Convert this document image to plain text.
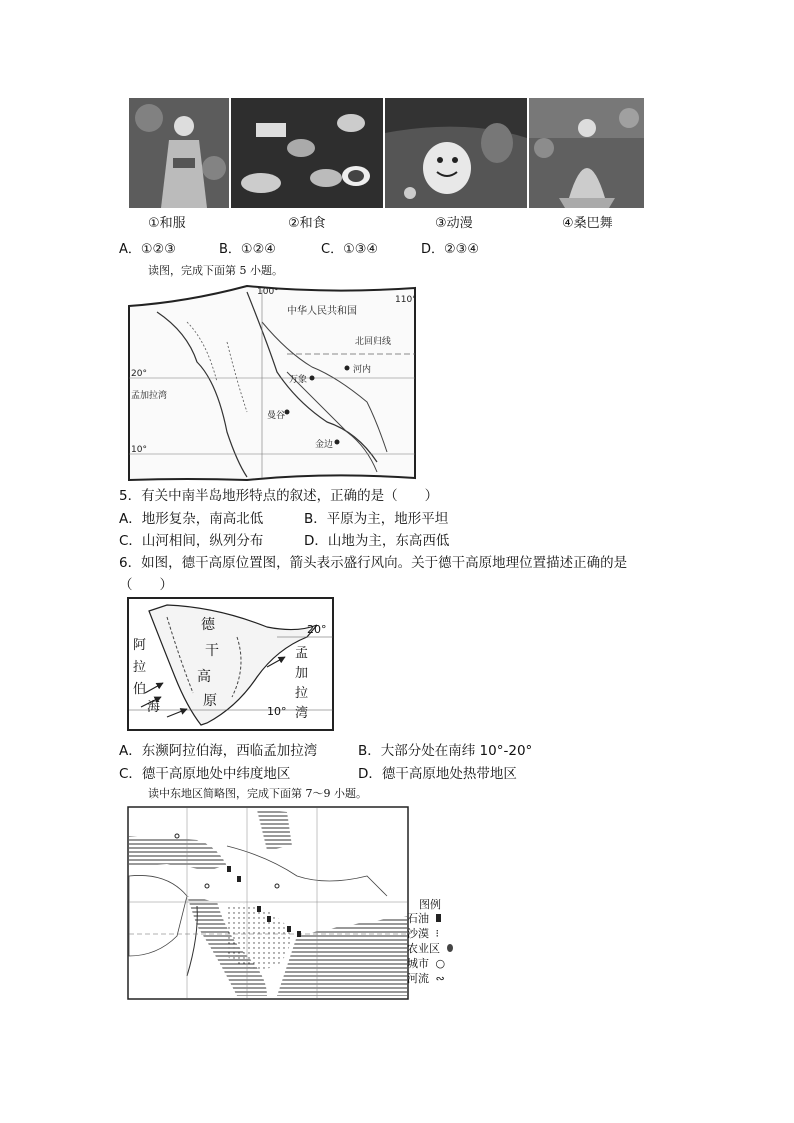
①和服	②和食	③动漫	④桑巴舞
A．①②③	B．①②④	C．①③④	D．②③④
读图，完成下面第 5 小题。
中华人民共和国
北回归线
河内
万象
曼谷
金边
孟加拉湾
20°
10°
100°
110°
5．有关中南半岛地形特点的叙述，正确的是（　　）
A．地形复杂，南高北低	B．平原为主，地形平坦
C．山河相间，纵列分布	D．山地为主，东高西低
6．如图，德干高原位置图，箭头表示盛行风向。关于德干高原地理位置描述正确的是
（　　）
德
干
高
原
阿
拉
伯
海
孟
加
拉
湾
20°
10°
A．东濒阿拉伯海，西临孟加拉湾	B．大部分处在南纬 10°-20°
C．德干高原地处中纬度地区	D．德干高原地处热带地区
读中东地区简略图，完成下面第 7～9 小题。
图例
石油
沙漠 ⁝
农业区
城市 ○
河流 ∾
